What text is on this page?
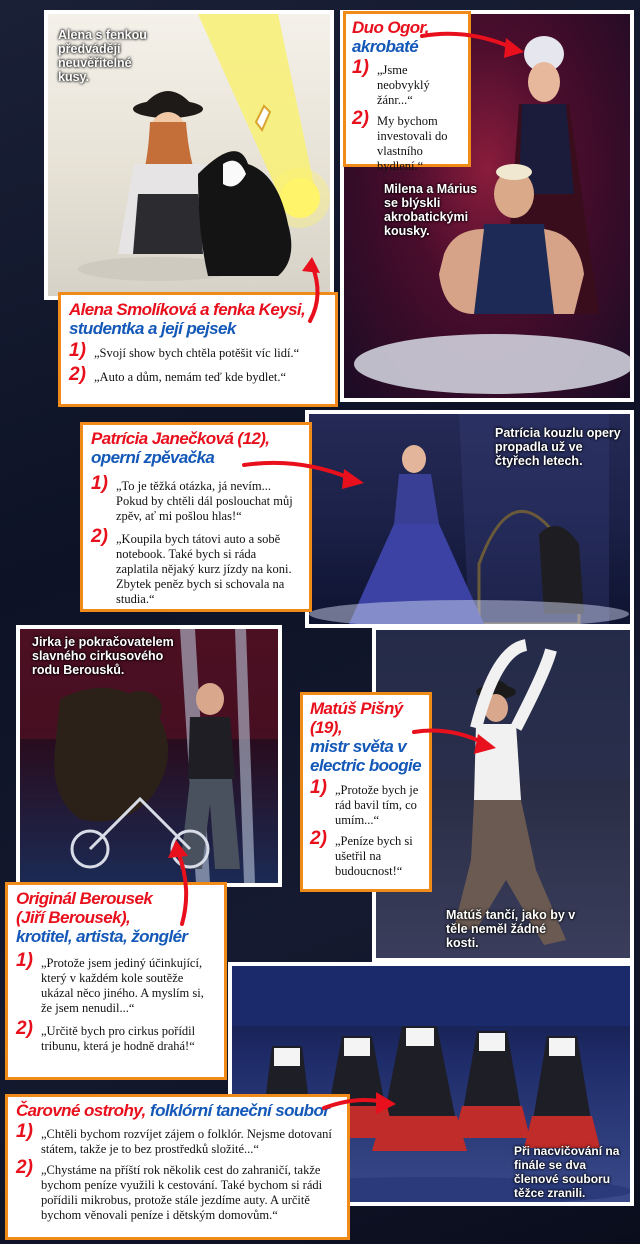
Alena s fenkou předvádějí neuvěřitelné kusy.
Alena Smolíková a fenka Keysi,
studentka a její pejsek
1) „Svojí show bych chtěla potěšit víc lidí.“
2) „Auto a dům, nemám teď kde bydlet.“
Milena a Márius se blýskli akrobatickými kousky.
Duo Ogor,
akrobaté
1) „Jsme neobvyklý žánr...“
2) My bychom investovali do vlastního bydlení.“
Patrícia kouzlu opery propadla už ve čtyřech letech.
Patrícia Janečková (12),
operní zpěvačka
1) „To je těžká otázka, já nevím... Pokud by chtěli dál poslouchat můj zpěv, ať mi pošlou hlas!“
2) „Koupila bych tátovi auto a sobě notebook. Také bych si ráda zaplatila nějaký kurz jízdy na koni. Zbytek peněz bych si schovala na studia.“
Jirka je pokračovatelem slavného cirkusového rodu Berousků.
Originál Berousek (Jiří Berousek),
krotitel, artista, žonglér
1) „Protože jsem jediný účinkující, který v každém kole soutěže ukázal něco jiného. A myslím si, že jsem nenudil...“
2) „Určitě bych pro cirkus pořídil tribunu, která je hodně drahá!“
Matúš tančí, jako by v těle neměl žádné kosti.
Matúš Pišný (19),
mistr světa v electric boogie
1) „Protože bych je rád bavil tím, co umím...“
2) „Peníze bych si ušetřil na budoucnost!“
Při nacvičování na finále se dva členové souboru těžce zranili.
Čarovné ostrohy, folklórní taneční soubor
1) „Chtěli bychom rozvíjet zájem o folklór. Nejsme dotovaní státem, takže je to bez prostředků složité...“
2) „Chystáme na příští rok několik cest do zahraničí, takže bychom peníze využili k cestování. Také bychom si rádi pořídili mikrobus, protože stále jezdíme auty. A určitě bychom věnovali peníze i dětským domovům.“
